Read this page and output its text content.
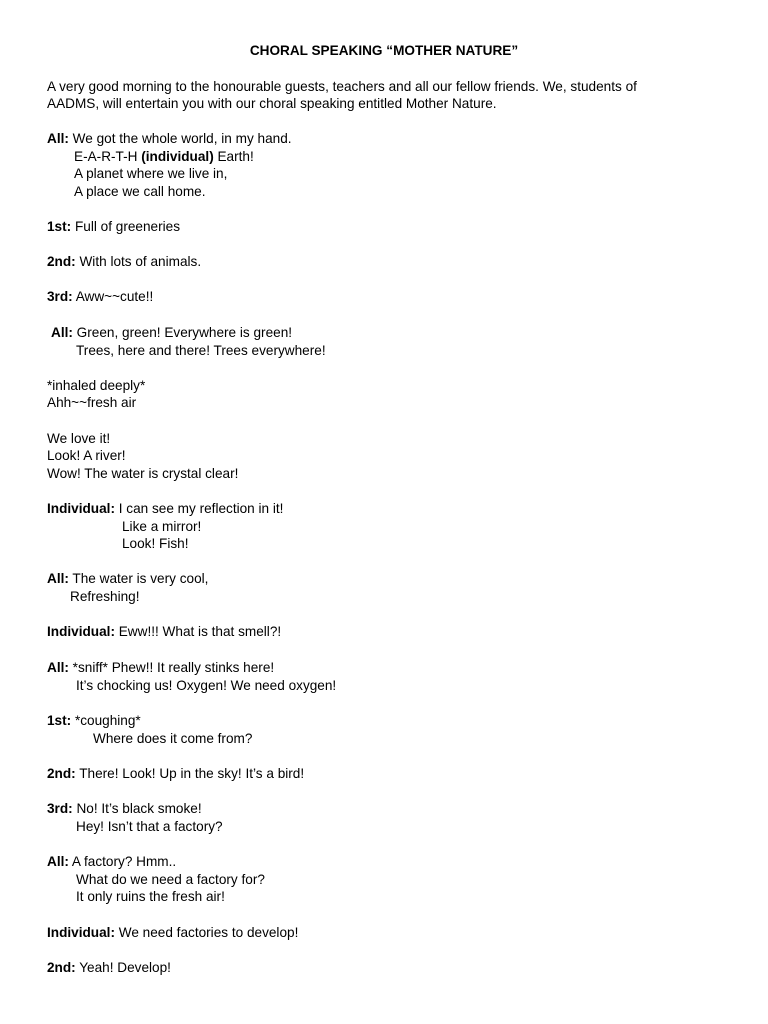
CHORAL SPEAKING “MOTHER NATURE”
A very good morning to the honourable guests, teachers and all our fellow friends. We, students of
AADMS, will entertain you with our choral speaking entitled Mother Nature.
All: We got the whole world, in my hand.
E-A-R-T-H (individual) Earth!
A planet where we live in,
A place we call home.
1st: Full of greeneries
2nd: With lots of animals.
3rd: Aww~~cute!!
All: Green, green! Everywhere is green!
Trees, here and there! Trees everywhere!
*inhaled deeply*
Ahh~~fresh air
We love it!
Look! A river!
Wow! The water is crystal clear!
Individual: I can see my reflection in it!
Like a mirror!
Look! Fish!
All: The water is very cool,
Refreshing!
Individual: Eww!!! What is that smell?!
All: *sniff* Phew!! It really stinks here!
It’s chocking us! Oxygen! We need oxygen!
1st: *coughing*
Where does it come from?
2nd: There! Look! Up in the sky! It’s a bird!
3rd: No! It’s black smoke!
Hey! Isn’t that a factory?
All: A factory? Hmm..
What do we need a factory for?
It only ruins the fresh air!
Individual: We need factories to develop!
2nd: Yeah! Develop!
